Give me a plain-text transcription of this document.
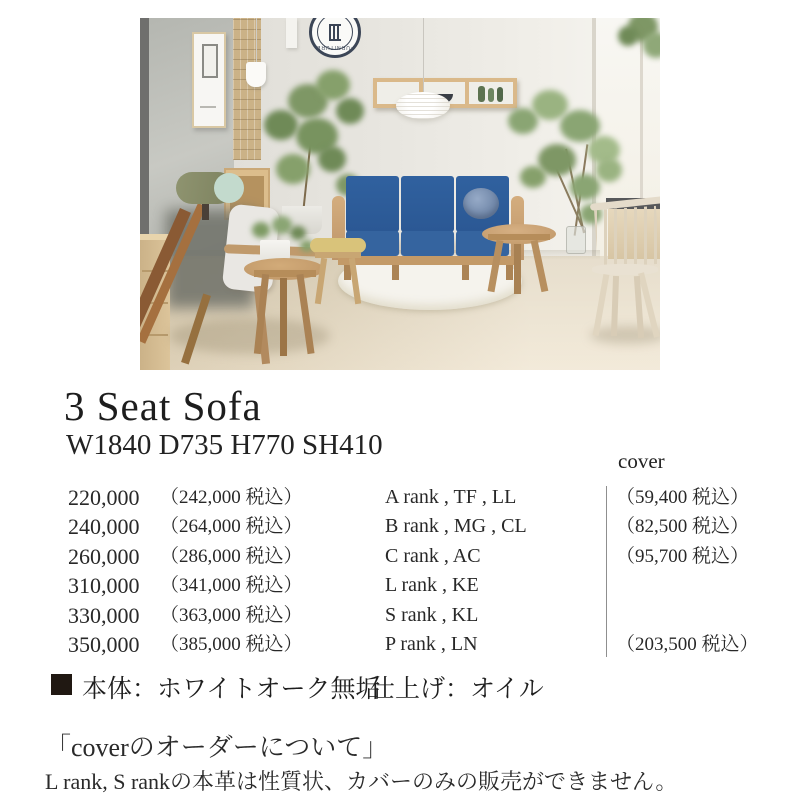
FURNITURE
3 Seat Sofa
W1840 D735 H770 SH410	cover
220,000 （242,000 税込）	A rank , TF , LL	（59,400 税込）
240,000 （264,000 税込）	B rank , MG , CL	（82,500 税込）
260,000 （286,000 税込）	C rank , AC	（95,700 税込）
310,000 （341,000 税込）	L rank , KE
330,000 （363,000 税込）	S rank , KL
350,000 （385,000 税込）	P rank , LN	（203,500 税込）
本体：ホワイトオーク無垢
仕上げ：オイル
「coverのオーダーについて」
L rank, S rankの本革は性質状、カバーのみの販売ができません。
